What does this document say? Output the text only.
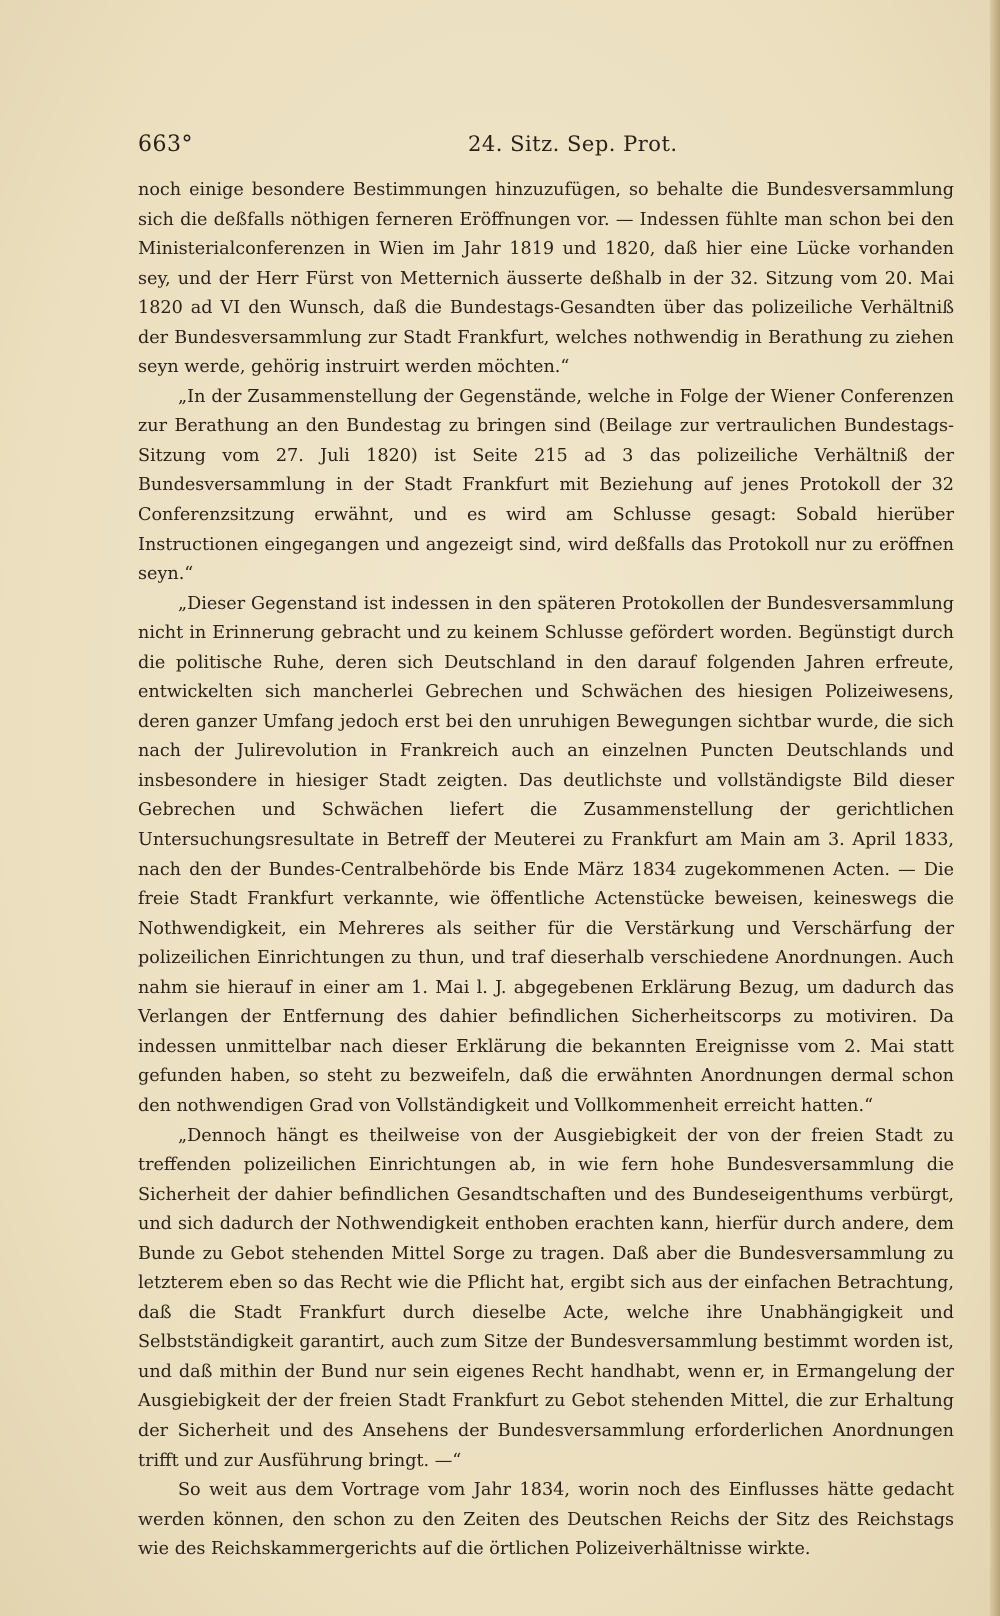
663°	24. Sitz. Sep. Prot.

noch einige besondere Bestimmungen hinzuzufügen, so behalte die Bundesversammlung sich die deßfalls nöthigen ferneren Eröffnungen vor. — Indessen fühlte man schon bei den Ministerialconferenzen in Wien im Jahr 1819 und 1820, daß hier eine Lücke vorhanden sey, und der Herr Fürst von Metternich äusserte deßhalb in der 32. Sitzung vom 20. Mai 1820 ad VI den Wunsch, daß die Bundestags-Gesandten über das polizeiliche Verhältniß der Bundesversammlung zur Stadt Frankfurt, welches nothwendig in Berathung zu ziehen seyn werde, gehörig instruirt werden möchten.“

„In der Zusammenstellung der Gegenstände, welche in Folge der Wiener Conferenzen zur Berathung an den Bundestag zu bringen sind (Beilage zur vertraulichen Bundestags-Sitzung vom 27. Juli 1820) ist Seite 215 ad 3 das polizeiliche Verhältniß der Bundesversammlung in der Stadt Frankfurt mit Beziehung auf jenes Protokoll der 32 Conferenzsitzung erwähnt, und es wird am Schlusse gesagt: Sobald hierüber Instructionen eingegangen und angezeigt sind, wird deßfalls das Protokoll nur zu eröffnen seyn.“

„Dieser Gegenstand ist indessen in den späteren Protokollen der Bundesversammlung nicht in Erinnerung gebracht und zu keinem Schlusse gefördert worden. Begünstigt durch die politische Ruhe, deren sich Deutschland in den darauf folgenden Jahren erfreute, entwickelten sich mancherlei Gebrechen und Schwächen des hiesigen Polizeiwesens, deren ganzer Umfang jedoch erst bei den unruhigen Bewegungen sichtbar wurde, die sich nach der Julirevolution in Frankreich auch an einzelnen Puncten Deutschlands und insbesondere in hiesiger Stadt zeigten. Das deutlichste und vollständigste Bild dieser Gebrechen und Schwächen liefert die Zusammenstellung der gerichtlichen Untersuchungsresultate in Betreff der Meuterei zu Frankfurt am Main am 3. April 1833, nach den der Bundes-Centralbehörde bis Ende März 1834 zugekommenen Acten. — Die freie Stadt Frankfurt verkannte, wie öffentliche Actenstücke beweisen, keineswegs die Nothwendigkeit, ein Mehreres als seither für die Verstärkung und Verschärfung der polizeilichen Einrichtungen zu thun, und traf dieserhalb verschiedene Anordnungen. Auch nahm sie hierauf in einer am 1. Mai l. J. abgegebenen Erklärung Bezug, um dadurch das Verlangen der Entfernung des dahier befindlichen Sicherheitscorps zu motiviren. Da indessen unmittelbar nach dieser Erklärung die bekannten Ereignisse vom 2. Mai statt gefunden haben, so steht zu bezweifeln, daß die erwähnten Anordnungen dermal schon den nothwendigen Grad von Vollständigkeit und Vollkommenheit erreicht hatten.“

„Dennoch hängt es theilweise von der Ausgiebigkeit der von der freien Stadt zu treffenden polizeilichen Einrichtungen ab, in wie fern hohe Bundesversammlung die Sicherheit der dahier befindlichen Gesandtschaften und des Bundeseigenthums verbürgt, und sich dadurch der Nothwendigkeit enthoben erachten kann, hierfür durch andere, dem Bunde zu Gebot stehenden Mittel Sorge zu tragen. Daß aber die Bundesversammlung zu letzterem eben so das Recht wie die Pflicht hat, ergibt sich aus der einfachen Betrachtung, daß die Stadt Frankfurt durch dieselbe Acte, welche ihre Unabhängigkeit und Selbstständigkeit garantirt, auch zum Sitze der Bundesversammlung bestimmt worden ist, und daß mithin der Bund nur sein eigenes Recht handhabt, wenn er, in Ermangelung der Ausgiebigkeit der der freien Stadt Frankfurt zu Gebot stehenden Mittel, die zur Erhaltung der Sicherheit und des Ansehens der Bundesversammlung erforderlichen Anordnungen trifft und zur Ausführung bringt. —“

So weit aus dem Vortrage vom Jahr 1834, worin noch des Einflusses hätte gedacht werden können, den schon zu den Zeiten des Deutschen Reichs der Sitz des Reichstags wie des Reichskammergerichts auf die örtlichen Polizeiverhältnisse wirkte.
